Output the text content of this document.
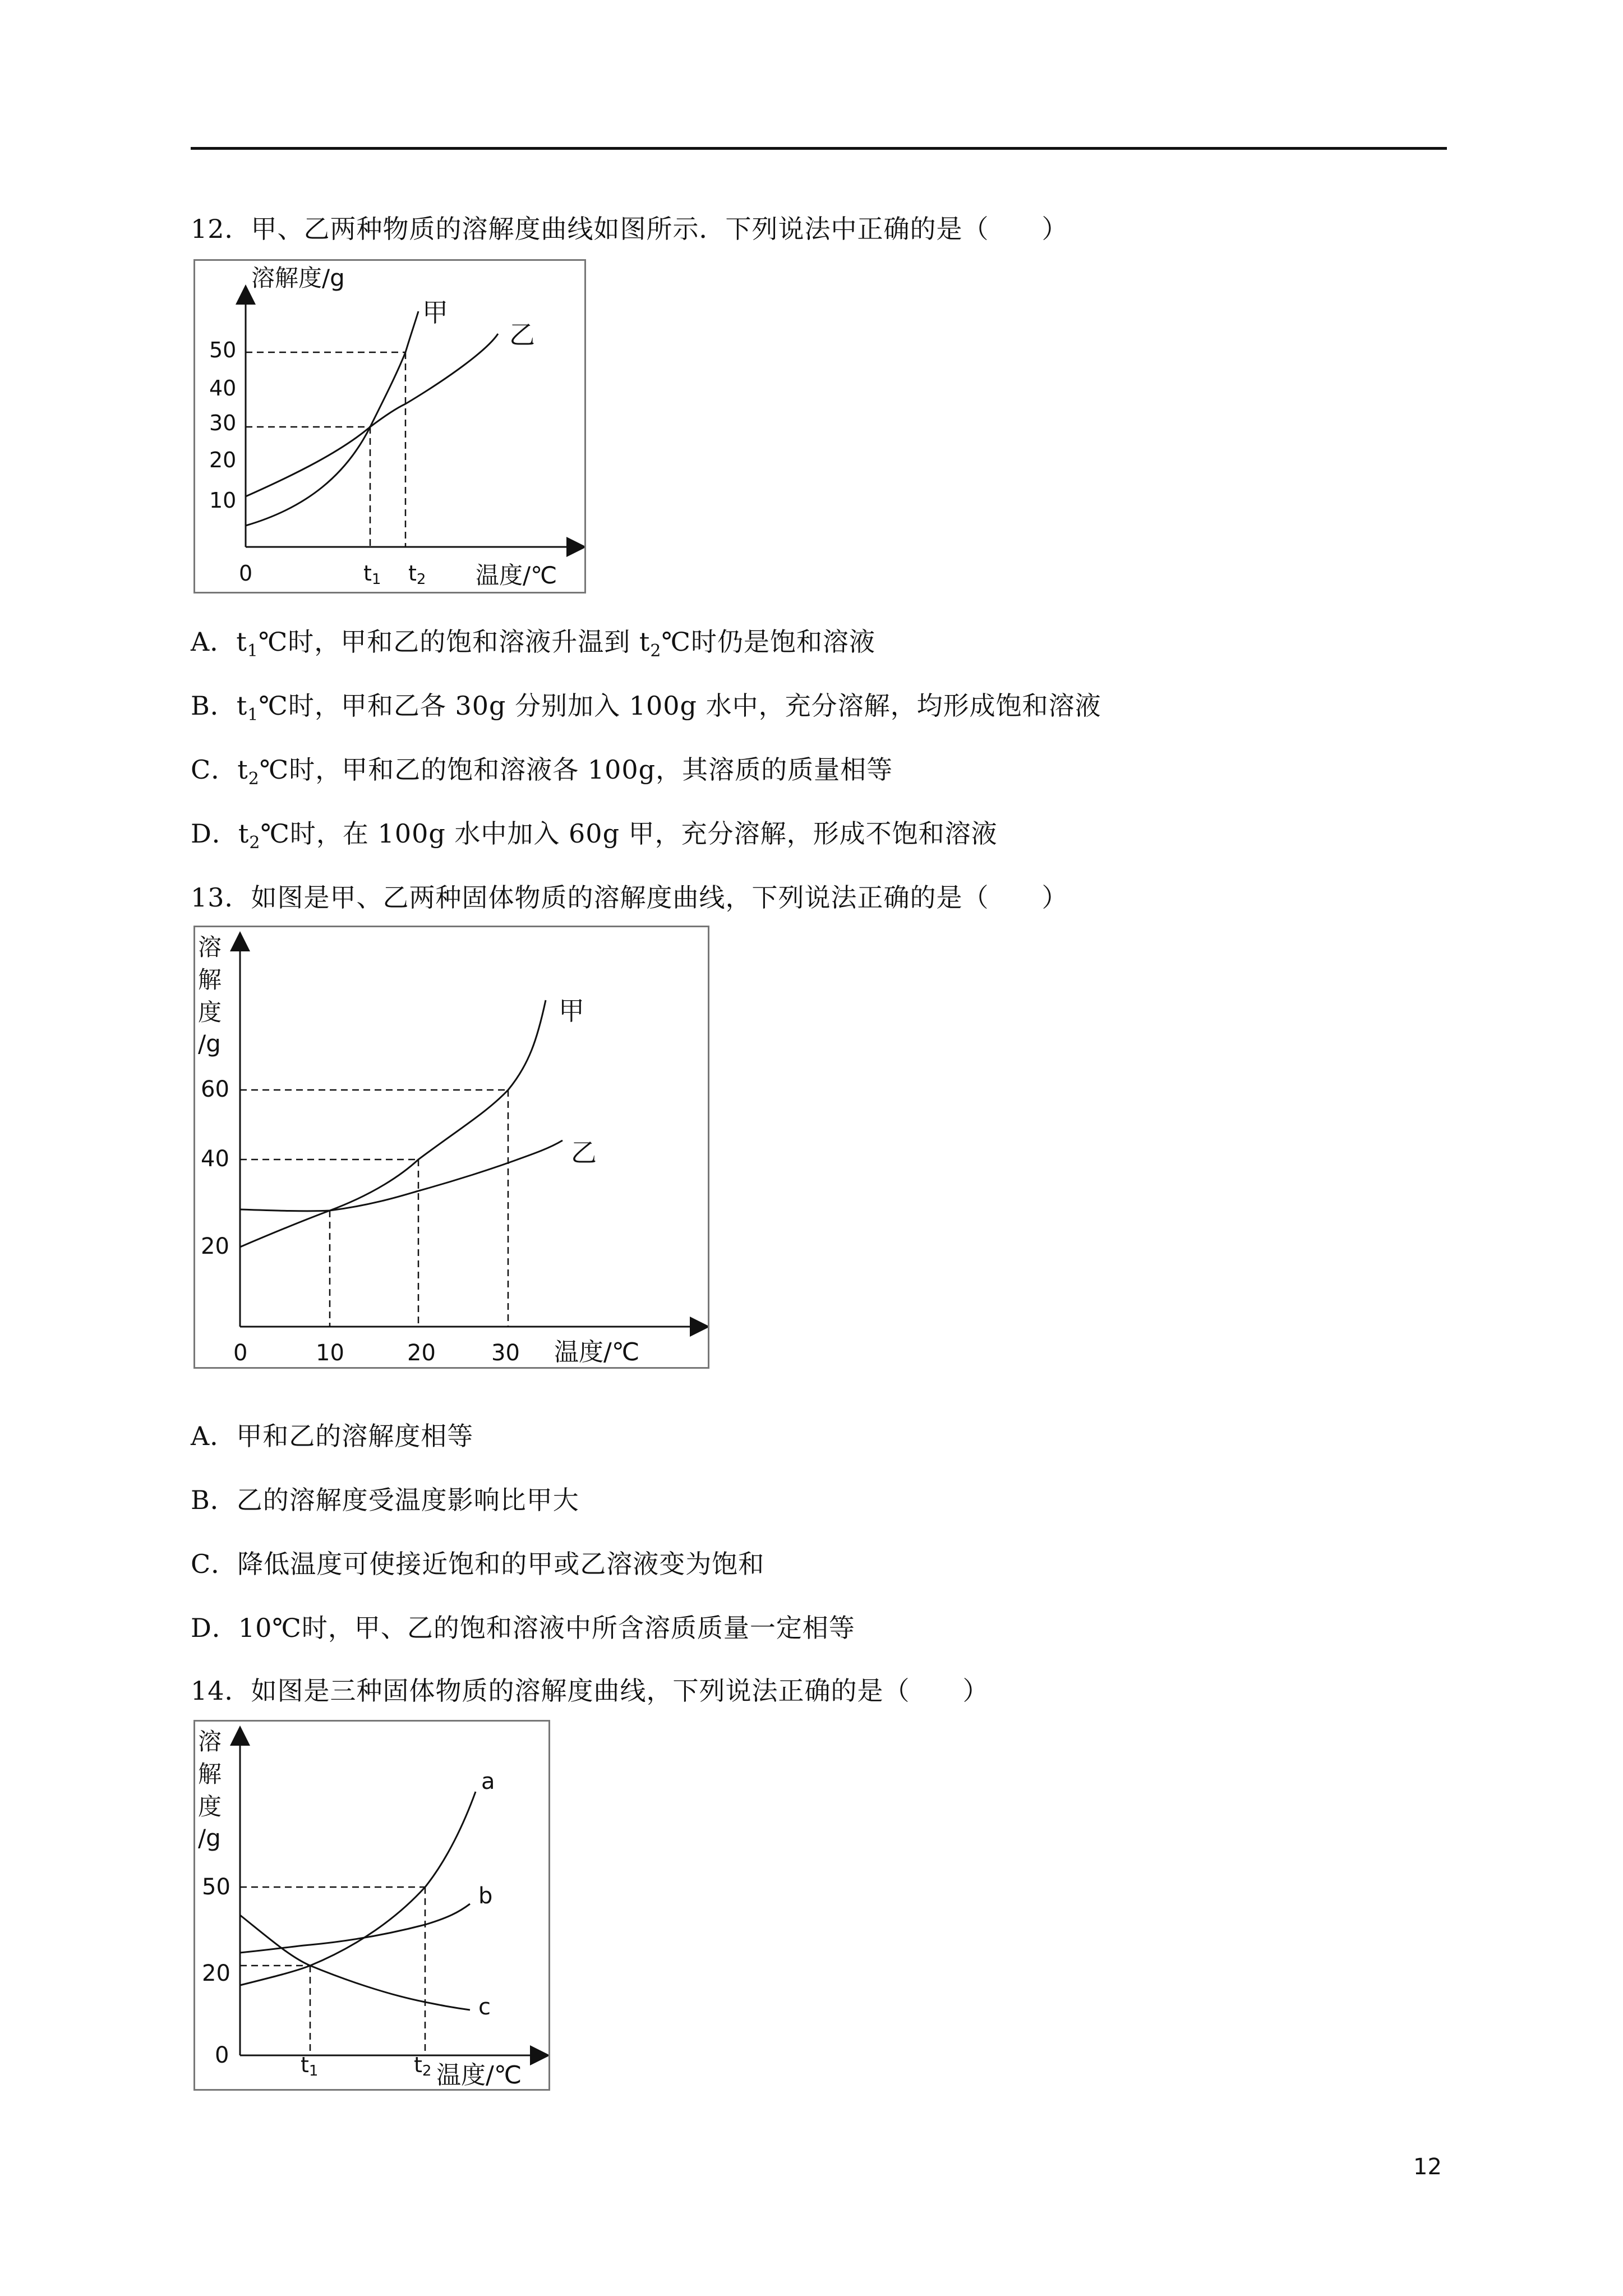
12．甲、乙两种物质的溶解度曲线如图所示．下列说法中正确的是（　　）
溶解度/g
温度/℃
50
40
30
20
10
0	t1 t2
甲
乙
A．$t_1℃$时，甲和乙的饱和溶液升温到 $t_2℃$时仍是饱和溶液
B．$t_1℃$时，甲和乙各 30g 分别加入 100g 水中，充分溶解，均形成饱和溶液
C．$t_2℃$时，甲和乙的饱和溶液各 100g，其溶质的质量相等
D．$t_2℃$时，在 100g 水中加入 60g 甲，充分溶解，形成不饱和溶液
13．如图是甲、乙两种固体物质的溶解度曲线，下列说法正确的是（　　）
溶
解
度
/g
60
40
20
0	10	20 30 温度/℃
甲
乙
A．甲和乙的溶解度相等
B．乙的溶解度受温度影响比甲大
C．降低温度可使接近饱和的甲或乙溶液变为饱和
D．10℃时，甲、乙的饱和溶液中所含溶质质量一定相等
14．如图是三种固体物质的溶解度曲线，下列说法正确的是（　　）
溶
解
度
/g
50
20
0	t1	t2 温度/℃
a
b
c
12
